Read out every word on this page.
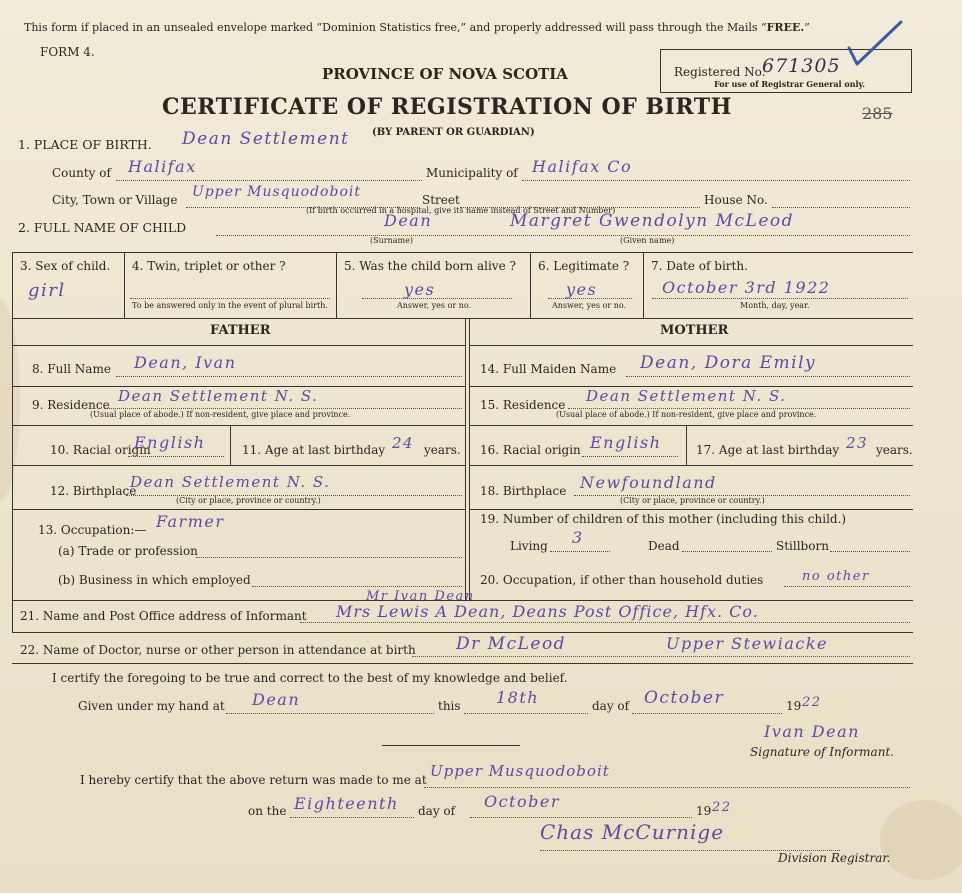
This form if placed in an unsealed envelope marked “Dominion Statistics free,” and properly addressed will pass through the Mails “FREE.”
FORM 4.
PROVINCE OF NOVA SCOTIA
CERTIFICATE OF REGISTRATION OF BIRTH
(BY PARENT OR GUARDIAN)
Registered No.
671305
For use of Registrar General only.
285
1. PLACE OF BIRTH. Dean Settlement
County of Halifax	Municipality of Halifax Co
City, Town or Village Upper Musquodoboit	Street	House No.
(If birth occurred in a hospital, give its name instead of Street and Number)
2. FULL NAME OF CHILD	Dean	Margret Gwendolyn McLeod
(Surname)	(Given name)
3. Sex of child.
girl
4. Twin, triplet or other ?
To be answered only in the event of plural birth.
5. Was the child born alive ?
yes
Answer, yes or no.
6. Legitimate ?
yes
Answer, yes or no.
7. Date of birth.
October 3rd 1922
Month, day, year.
FATHER	MOTHER
8. Full Name Dean, Ivan
9. Residence Dean Settlement N. S.
(Usual place of abode.) If non-resident, give place and province.
10. Racial origin
English	11. Age at last birthday 24 years.
12. Birthplace
Dean Settlement N. S.
(City or place, province or country.)
13. Occupation:— Farmer
(a) Trade or profession
(b) Business in which employed
14. Full Maiden Name Dean, Dora Emily
15. Residence Dean Settlement N. S.
(Usual place of abode.) If non-resident, give place and province.
16. Racial origin English	17. Age at last birthday 23 years.
18. Birthplace Newfoundland
(City or place, province or country.)
19. Number of children of this mother (including this child.)
Living 3	Dead	Stillborn
20. Occupation, if other than household duties	no other
21. Name and Post Office address of Informant
Mr Ivan Dean
Mrs Lewis A Dean, Deans Post Office, Hfx. Co.
22. Name of Doctor, nurse or other person in attendance at birth Dr McLeod	Upper Stewiacke
I certify the foregoing to be true and correct to the best of my knowledge and belief.
Given under my hand at Dean	this 18th	day of October	19 22
Ivan Dean
Signature of Informant.
I hereby certify that the above return was made to me at Upper Musquodoboit
on the Eighteenth day of October	19 22
Chas McCurnige
Division Registrar.
